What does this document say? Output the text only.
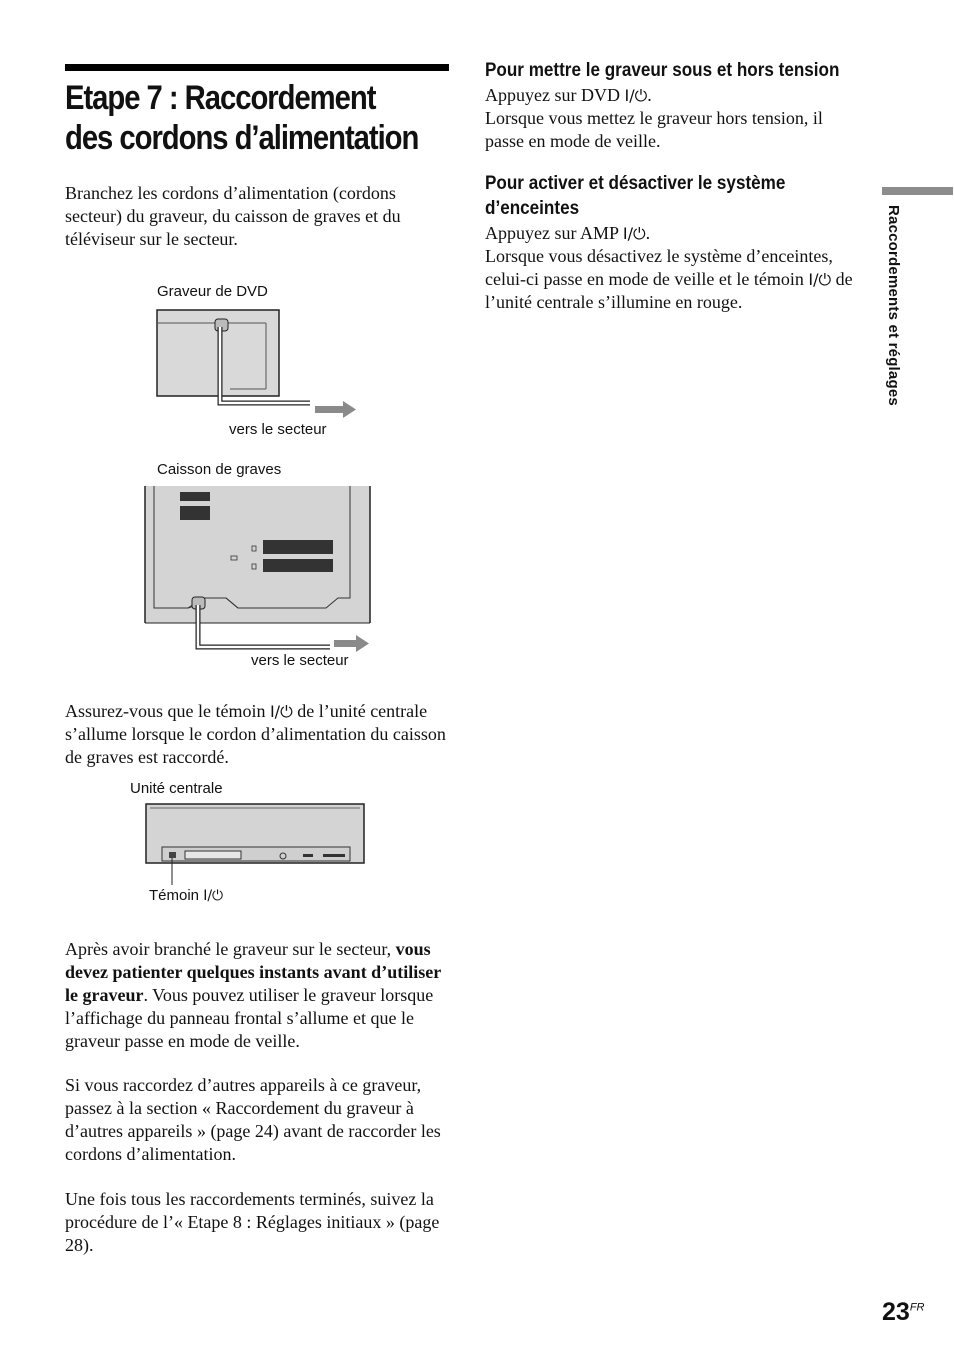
Etape 7 : Raccordement
des cordons d’alimentation

Branchez les cordons d’alimentation (cordons secteur) du graveur, du caisson de graves et du téléviseur sur le secteur.

Graveur de DVD
vers le secteur
Caisson de graves
vers le secteur

Assurez-vous que le témoin I/⏻ de l’unité centrale s’allume lorsque le cordon d’alimentation du caisson de graves est raccordé.

Unité centrale
Témoin I/⏻

Après avoir branché le graveur sur le secteur, vous devez patienter quelques instants avant d’utiliser le graveur. Vous pouvez utiliser le graveur lorsque l’affichage du panneau frontal s’allume et que le graveur passe en mode de veille.

Si vous raccordez d’autres appareils à ce graveur, passez à la section « Raccordement du graveur à d’autres appareils » (page 24) avant de raccorder les cordons d’alimentation.

Une fois tous les raccordements terminés, suivez la procédure de l’« Etape 8 : Réglages initiaux » (page 28).

Pour mettre le graveur sous et hors tension

Appuyez sur DVD I/⏻.
Lorsque vous mettez le graveur hors tension, il passe en mode de veille.

Pour activer et désactiver le système
d’enceintes

Appuyez sur AMP I/⏻.
Lorsque vous désactivez le système d’enceintes, celui-ci passe en mode de veille et le témoin I/⏻ de l’unité centrale s’illumine en rouge.	Raccordements et réglages
$23^{FR}$
